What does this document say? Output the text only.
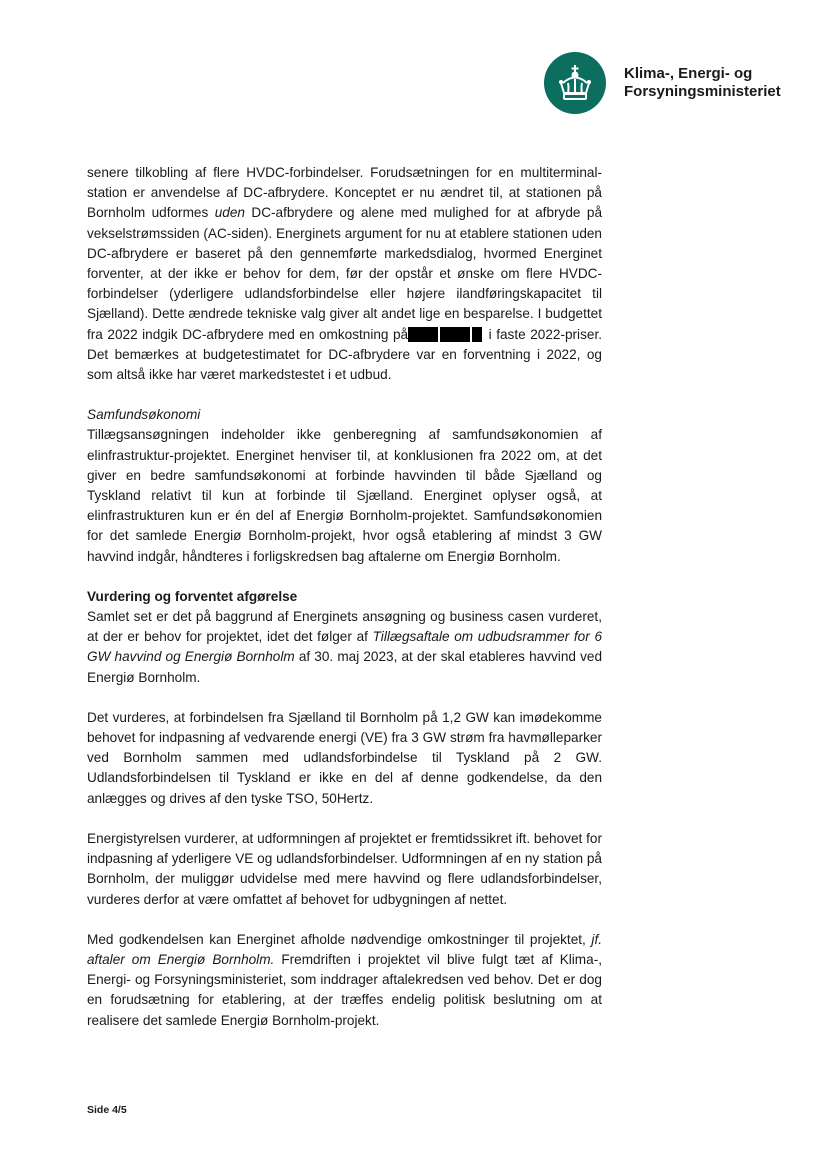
Klima-, Energi- og
Forsyningsministeriet

senere tilkobling af flere HVDC-forbindelser. Forudsætningen for en multiterminal-station er anvendelse af DC-afbrydere. Konceptet er nu ændret til, at stationen på Bornholm udformes uden DC-afbrydere og alene med mulighed for at afbryde på vekselstrømssiden (AC-siden). Energinets argument for nu at etablere stationen uden DC-afbrydere er baseret på den gennemførte markedsdialog, hvormed Energinet forventer, at der ikke er behov for dem, før der opstår et ønske om flere HVDC-forbindelser (yderligere udlandsforbindelse eller højere ilandføringskapacitet til Sjælland). Dette ændrede tekniske valg giver alt andet lige en besparelse. I budgettet fra 2022 indgik DC-afbrydere med en omkostning på	i faste 2022-priser. Det bemærkes at budgetestimatet for DC-afbrydere var en forventning i 2022, og som altså ikke har været markedstestet i et udbud.

Samfundsøkonomi

Tillægsansøgningen indeholder ikke genberegning af samfundsøkonomien af elinfrastruktur-projektet. Energinet henviser til, at konklusionen fra 2022 om, at det giver en bedre samfundsøkonomi at forbinde havvinden til både Sjælland og Tyskland relativt til kun at forbinde til Sjælland. Energinet oplyser også, at elinfrastrukturen kun er én del af Energiø Bornholm-projektet. Samfundsøkonomien for det samlede Energiø Bornholm-projekt, hvor også etablering af mindst 3 GW havvind indgår, håndteres i forligskredsen bag aftalerne om Energiø Bornholm.

Vurdering og forventet afgørelse

Samlet set er det på baggrund af Energinets ansøgning og business casen vurderet, at der er behov for projektet, idet det følger af Tillægsaftale om udbudsrammer for 6 GW havvind og Energiø Bornholm af 30. maj 2023, at der skal etableres havvind ved Energiø Bornholm.

Det vurderes, at forbindelsen fra Sjælland til Bornholm på 1,2 GW kan imødekomme behovet for indpasning af vedvarende energi (VE) fra 3 GW strøm fra havmølleparker ved Bornholm sammen med udlandsforbindelse til Tyskland på 2 GW. Udlandsforbindelsen til Tyskland er ikke en del af denne godkendelse, da den anlægges og drives af den tyske TSO, 50Hertz.

Energistyrelsen vurderer, at udformningen af projektet er fremtidssikret ift. behovet for indpasning af yderligere VE og udlandsforbindelser. Udformningen af en ny station på Bornholm, der muliggør udvidelse med mere havvind og flere udlandsforbindelser, vurderes derfor at være omfattet af behovet for udbygningen af nettet.

Med godkendelsen kan Energinet afholde nødvendige omkostninger til projektet, jf. aftaler om Energiø Bornholm. Fremdriften i projektet vil blive fulgt tæt af Klima-, Energi- og Forsyningsministeriet, som inddrager aftalekredsen ved behov. Det er dog en forudsætning for etablering, at der træffes endelig politisk beslutning om at realisere det samlede Energiø Bornholm-projekt.

Side 4/5
